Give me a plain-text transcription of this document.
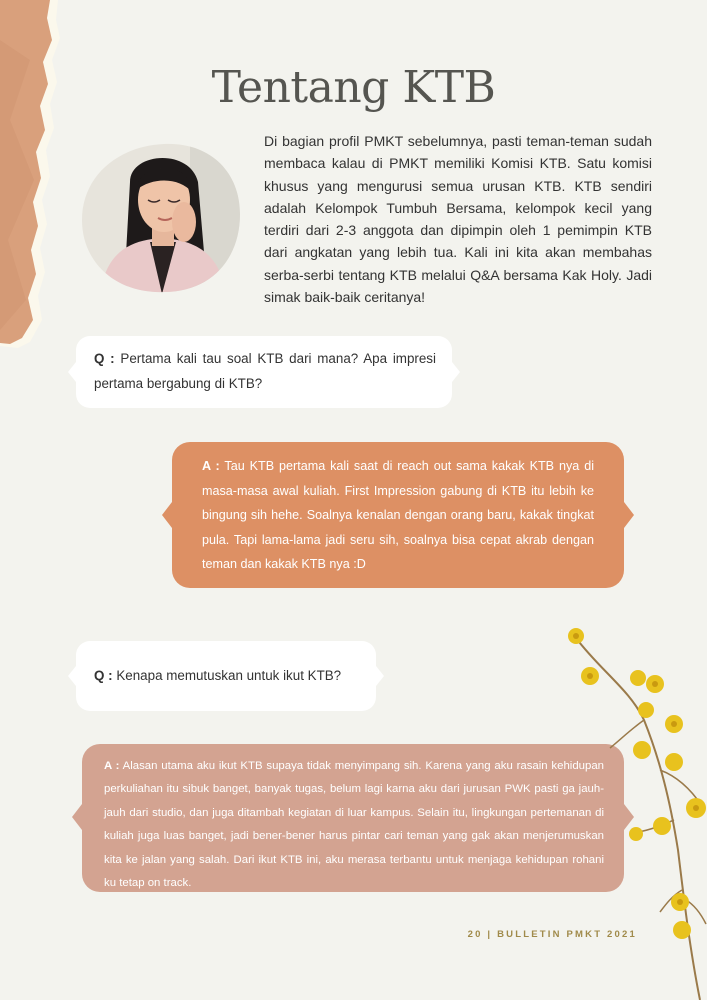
Tentang KTB
Di bagian profil PMKT sebelumnya, pasti teman-teman sudah membaca kalau di PMKT memiliki Komisi KTB. Satu komisi khusus yang mengurusi semua urusan KTB. KTB sendiri adalah Kelompok Tumbuh Bersama, kelompok kecil yang terdiri dari 2-3 anggota dan dipimpin oleh 1 pemimpin KTB dari angkatan yang lebih tua. Kali ini kita akan membahas serba-serbi tentang KTB melalui Q&A bersama Kak Holy. Jadi simak baik-baik ceritanya!
Q : Pertama kali tau soal KTB dari mana? Apa impresi pertama bergabung di KTB?
A : Tau KTB pertama kali saat di reach out sama kakak KTB nya di masa-masa awal kuliah. First Impression gabung di KTB itu lebih ke bingung sih hehe. Soalnya kenalan dengan orang baru, kakak tingkat pula. Tapi lama-lama jadi seru sih, soalnya bisa cepat akrab dengan teman dan kakak KTB nya :D
Q : Kenapa memutuskan untuk ikut KTB?
A : Alasan utama aku ikut KTB supaya tidak menyimpang sih. Karena yang aku rasain kehidupan perkuliahan itu sibuk banget, banyak tugas, belum lagi karna aku dari jurusan PWK pasti ga jauh-jauh dari studio, dan juga ditambah kegiatan di luar kampus. Selain itu, lingkungan pertemanan di kuliah juga luas banget, jadi bener-bener harus pintar cari teman yang gak akan menjerumuskan kita ke jalan yang salah. Dari ikut KTB ini, aku merasa terbantu untuk menjaga kehidupan rohani ku tetap on track.
20 | BULLETIN PMKT 2021
